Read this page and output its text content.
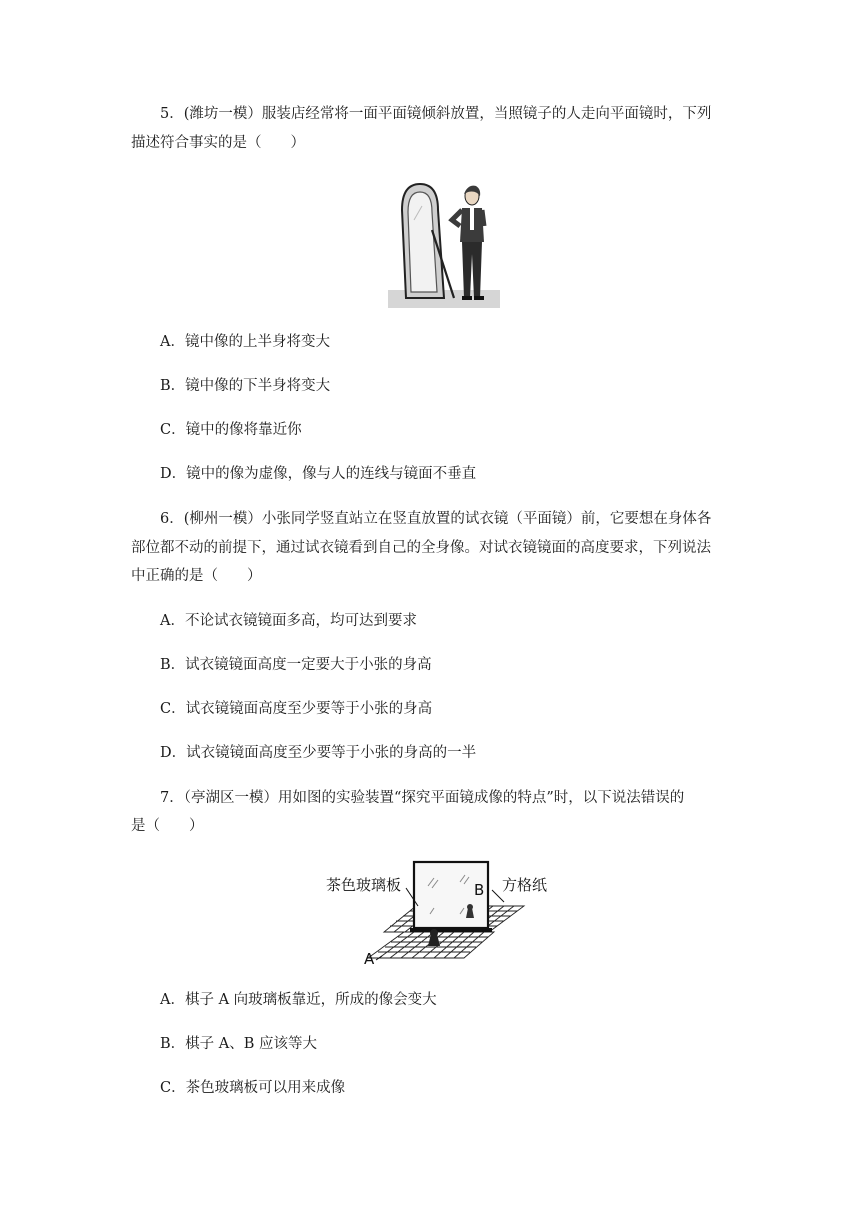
5．(潍坊一模）服装店经常将一面平面镜倾斜放置，当照镜子的人走向平面镜时，下列
描述符合事实的是（　　）
A．镜中像的上半身将变大
B．镜中像的下半身将变大
C．镜中的像将靠近你
D．镜中的像为虚像，像与人的连线与镜面不垂直
6．(柳州一模）小张同学竖直站立在竖直放置的试衣镜（平面镜）前，它要想在身体各
部位都不动的前提下，通过试衣镜看到自己的全身像。对试衣镜镜面的高度要求，下列说法
中正确的是（　　）
A．不论试衣镜镜面多高，均可达到要求
B．试衣镜镜面高度一定要大于小张的身高
C．试衣镜镜面高度至少要等于小张的身高
D．试衣镜镜面高度至少要等于小张的身高的一半
7．（亭湖区一模）用如图的实验装置“探究平面镜成像的特点”时，以下说法错误的
是（　　）
茶色玻璃板	方格纸
B
A
A．棋子 A 向玻璃板靠近，所成的像会变大
B．棋子 A、B 应该等大
C．茶色玻璃板可以用来成像
